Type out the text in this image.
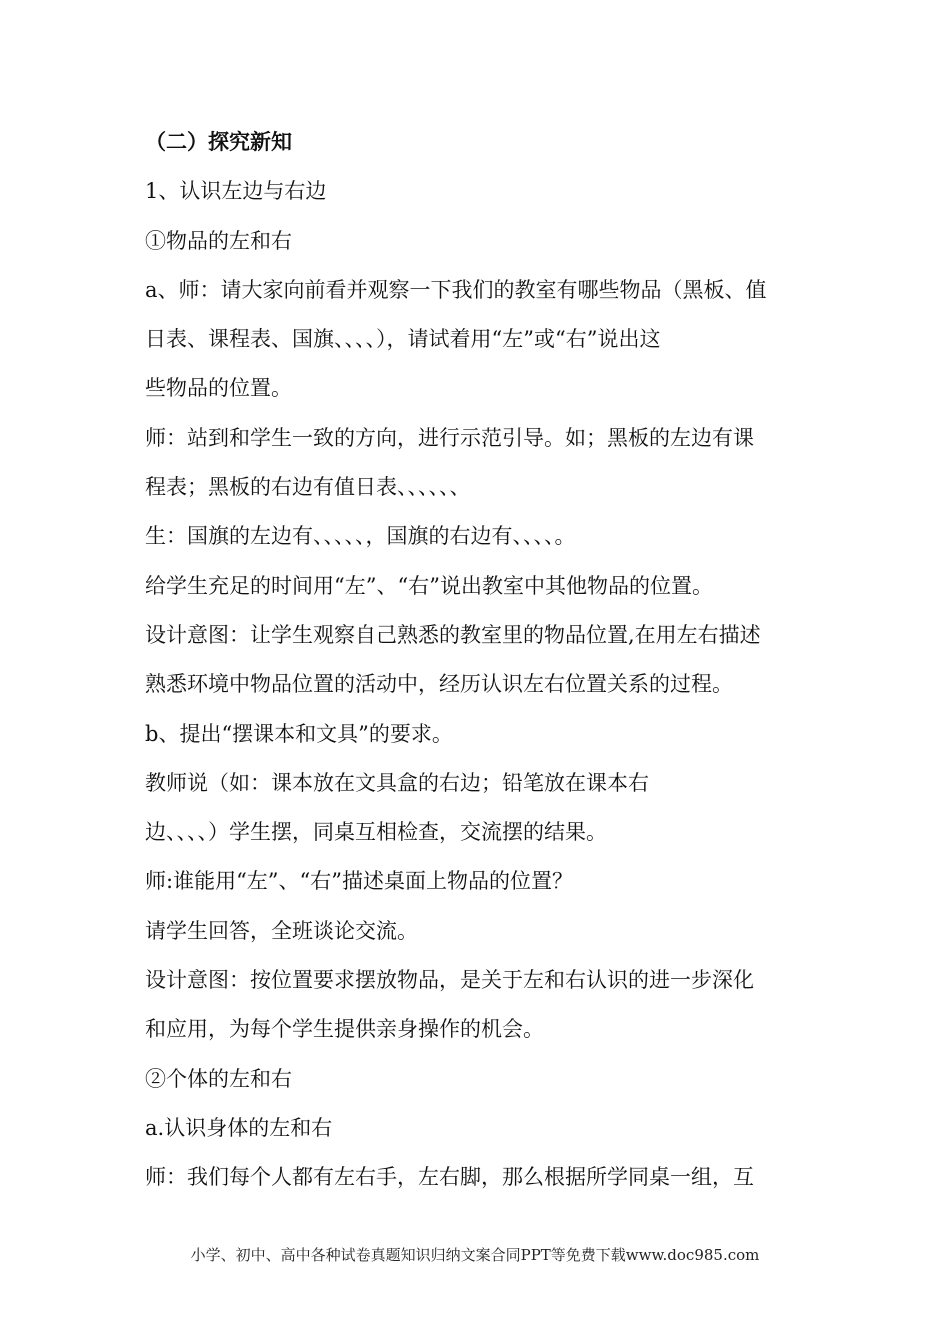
（二）探究新知
1、认识左边与右边
①物品的左和右
a、师：请大家向前看并观察一下我们的教室有哪些物品（黑板、值
日表、课程表、国旗、、、、），请试着用“左”或“右”说出这
些物品的位置。
师：站到和学生一致的方向，进行示范引导。如；黑板的左边有课
程表；黑板的右边有值日表、、、、、、
生：国旗的左边有、、、、、，国旗的右边有、、、、。
给学生充足的时间用“左”、“右”说出教室中其他物品的位置。
设计意图：让学生观察自己熟悉的教室里的物品位置,在用左右描述
熟悉环境中物品位置的活动中，经历认识左右位置关系的过程。
b、提出“摆课本和文具”的要求。
教师说（如：课本放在文具盒的右边；铅笔放在课本右
边、、、、）学生摆，同桌互相检查，交流摆的结果。
师:谁能用“左”、“右”描述桌面上物品的位置？
请学生回答，全班谈论交流。
设计意图：按位置要求摆放物品，是关于左和右认识的进一步深化
和应用，为每个学生提供亲身操作的机会。
②个体的左和右
a.认识身体的左和右
师：我们每个人都有左右手，左右脚，那么根据所学同桌一组，互
小学、初中、高中各种试卷真题知识归纳文案合同PPT等免费下载www.doc985.com
